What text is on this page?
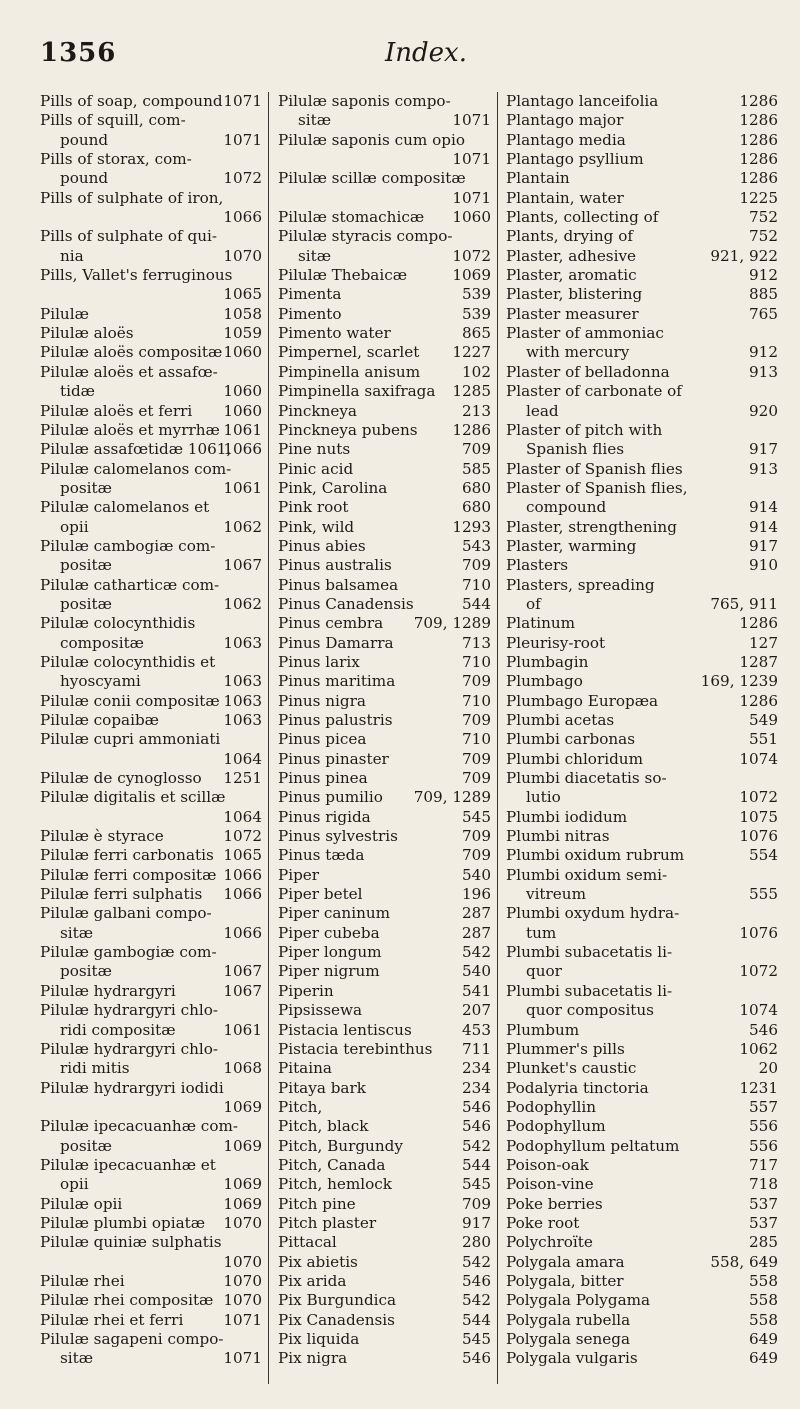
1356	Index.
Pills of soap, compound 1071
Pills of squill, com-
pound	1071
Pills of storax, com-
pound	1072
Pills of sulphate of iron,
1066
Pills of sulphate of qui-
nia	1070
Pills, Vallet's ferruginous
1065
Pilulæ	1058
Pilulæ aloës	1059
Pilulæ aloës compositæ 1060
Pilulæ aloës et assafœ-
tidæ	1060
Pilulæ aloës et ferri 1060
Pilulæ aloës et myrrhæ 1061
Pilulæ assafœtidæ 1061,
1066
Pilulæ calomelanos com-
positæ	1061
Pilulæ calomelanos et
opii	1062
Pilulæ cambogiæ com-
positæ	1067
Pilulæ catharticæ com-
positæ	1062
Pilulæ colocynthidis
compositæ	1063
Pilulæ colocynthidis et
hyoscyami	1063
Pilulæ conii compositæ 1063
Pilulæ copaibæ	1063
Pilulæ cupri ammoniati
1064
Pilulæ de cynoglosso 1251
Pilulæ digitalis et scillæ
1064
Pilulæ è styrace	1072
Pilulæ ferri carbonatis 1065
Pilulæ ferri compositæ 1066
Pilulæ ferri sulphatis 1066
Pilulæ galbani compo-
sitæ	1066
Pilulæ gambogiæ com-
positæ	1067
Pilulæ hydrargyri	1067
Pilulæ hydrargyri chlo-
ridi compositæ	1061
Pilulæ hydrargyri chlo-
ridi mitis	1068
Pilulæ hydrargyri iodidi
1069
Pilulæ ipecacuanhæ com-
positæ	1069
Pilulæ ipecacuanhæ et
opii	1069
Pilulæ opii	1069
Pilulæ plumbi opiatæ 1070
Pilulæ quiniæ sulphatis
1070
Pilulæ rhei	1070
Pilulæ rhei compositæ 1070
Pilulæ rhei et ferri	1071
Pilulæ sagapeni compo-
sitæ	1071
Pilulæ saponis compo-
sitæ	1071
Pilulæ saponis cum opio
1071
Pilulæ scillæ compositæ
1071
Pilulæ stomachicæ 1060
Pilulæ styracis compo-
sitæ	1072
Pilulæ Thebaicæ	1069
Pimenta	539
Pimento	539
Pimento water	865
Pimpernel, scarlet 1227
Pimpinella anisum	102
Pimpinella saxifraga 1285
Pinckneya	213
Pinckneya pubens 1286
Pine nuts	709
Pinic acid	585
Pink, Carolina	680
Pink root	680
Pink, wild	1293
Pinus abies	543
Pinus australis	709
Pinus balsamea	710
Pinus Canadensis	544
Pinus cembra 709, 1289
Pinus Damarra	713
Pinus larix	710
Pinus maritima	709
Pinus nigra	710
Pinus palustris	709
Pinus picea	710
Pinus pinaster	709
Pinus pinea	709
Pinus pumilio 709, 1289
Pinus rigida	545
Pinus sylvestris	709
Pinus tæda	709
Piper	540
Piper betel	196
Piper caninum	287
Piper cubeba	287
Piper longum	542
Piper nigrum	540
Piperin	541
Pipsissewa	207
Pistacia lentiscus	453
Pistacia terebinthus 711
Pitaina	234
Pitaya bark	234
Pitch,	546
Pitch, black	546
Pitch, Burgundy	542
Pitch, Canada	544
Pitch, hemlock	545
Pitch pine	709
Pitch plaster	917
Pittacal	280
Pix abietis	542
Pix arida	546
Pix Burgundica	542
Pix Canadensis	544
Pix liquida	545
Pix nigra	546
Plantago lanceifolia	1286
Plantago major	1286
Plantago media	1286
Plantago psyllium	1286
Plantain	1286
Plantain, water	1225
Plants, collecting of	752
Plants, drying of	752
Plaster, adhesive	921, 922
Plaster, aromatic	912
Plaster, blistering	885
Plaster measurer	765
Plaster of ammoniac
with mercury	912
Plaster of belladonna	913
Plaster of carbonate of
lead	920
Plaster of pitch with
Spanish flies	917
Plaster of Spanish flies	913
Plaster of Spanish flies,
compound	914
Plaster, strengthening	914
Plaster, warming	917
Plasters	910
Plasters, spreading
of	765, 911
Platinum	1286
Pleurisy-root	127
Plumbagin	1287
Plumbago	169, 1239
Plumbago Europæa	1286
Plumbi acetas	549
Plumbi carbonas	551
Plumbi chloridum	1074
Plumbi diacetatis so-
lutio	1072
Plumbi iodidum	1075
Plumbi nitras	1076
Plumbi oxidum rubrum	554
Plumbi oxidum semi-
vitreum	555
Plumbi oxydum hydra-
tum	1076
Plumbi subacetatis li-
quor	1072
Plumbi subacetatis li-
quor compositus	1074
Plumbum	546
Plummer's pills	1062
Plunket's caustic	20
Podalyria tinctoria	1231
Podophyllin	557
Podophyllum	556
Podophyllum peltatum	556
Poison-oak	717
Poison-vine	718
Poke berries	537
Poke root	537
Polychroïte	285
Polygala amara	558, 649
Polygala, bitter	558
Polygala Polygama	558
Polygala rubella	558
Polygala senega	649
Polygala vulgaris	649
